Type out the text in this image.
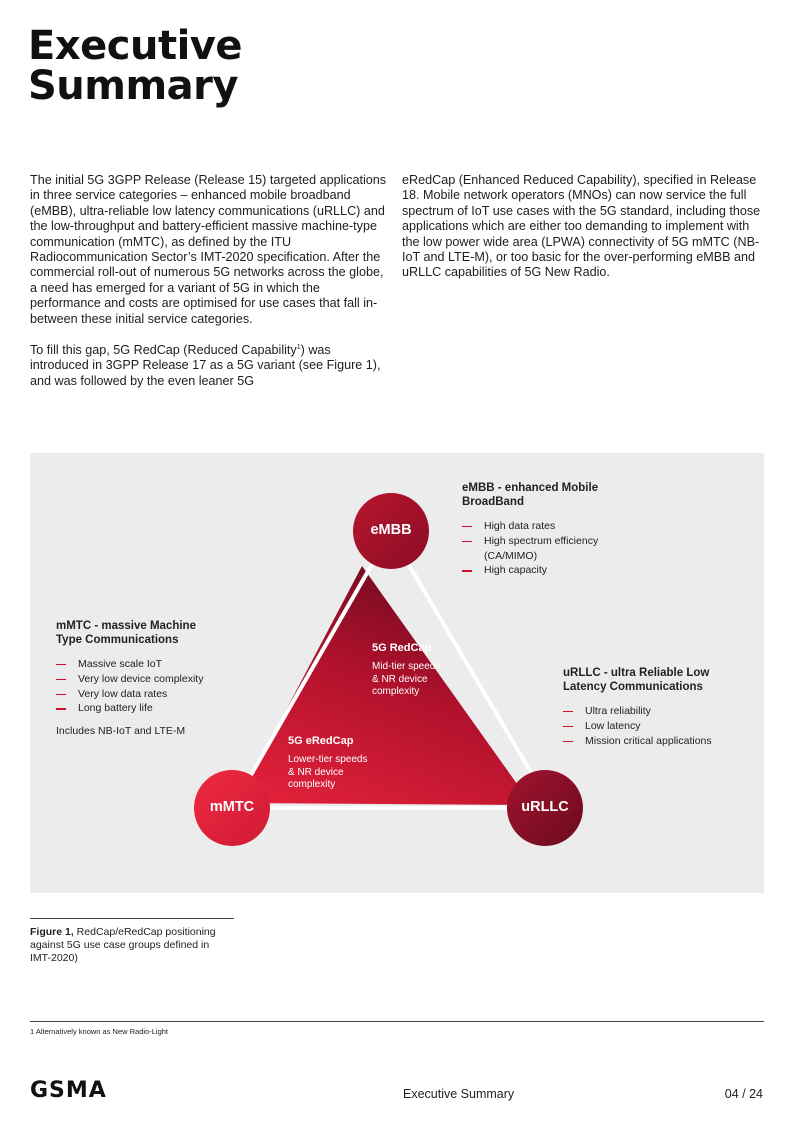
Executive
Summary

The initial 5G 3GPP Release (Release 15) targeted applications in three service categories – enhanced mobile broadband (eMBB), ultra-reliable low latency communications (uRLLC) and the low-throughput and battery-efficient massive machine-type communication (mMTC), as defined by the ITU Radiocommunication Sector’s IMT-2020 specification. After the commercial roll-out of numerous 5G networks across the globe, a need has emerged for a variant of 5G in which the performance and costs are optimised for use cases that fall in-between these initial service categories.

To fill this gap, 5G RedCap (Reduced Capability$^1$) was introduced in 3GPP Release 17 as a 5G variant (see Figure 1), and was followed by the even leaner 5G

eRedCap (Enhanced Reduced Capability), specified in Release 18. Mobile network operators (MNOs) can now service the full spectrum of IoT use cases with the 5G standard, including those applications which are either too demanding to implement with the low power wide area (LPWA) connectivity of 5G mMTC (NB-IoT and LTE-M), or too basic for the over-performing eMBB and uRLLC capabilities of 5G New Radio.

eMBB
mMTC	uRLLC
5G RedCap
Mid-tier speeds
& NR device
complexity
5G eRedCap
Lower-tier speeds
& NR device
complexity
eMBB - enhanced Mobile
BroadBand
High data rates
High spectrum efficiency (CA/MIMO)
High capacity
mMTC - massive Machine
Type Communications
Massive scale IoT
Very low device complexity
Very low data rates
Long battery life
Includes NB-IoT and LTE-M
uRLLC - ultra Reliable Low
Latency Communications
Ultra reliability
Low latency
Mission critical applications
Figure 1, RedCap/eRedCap positioning against 5G use case groups defined in IMT-2020)
1 Alternatively known as New Radio-Light
GSMA	Executive Summary	04 / 24
